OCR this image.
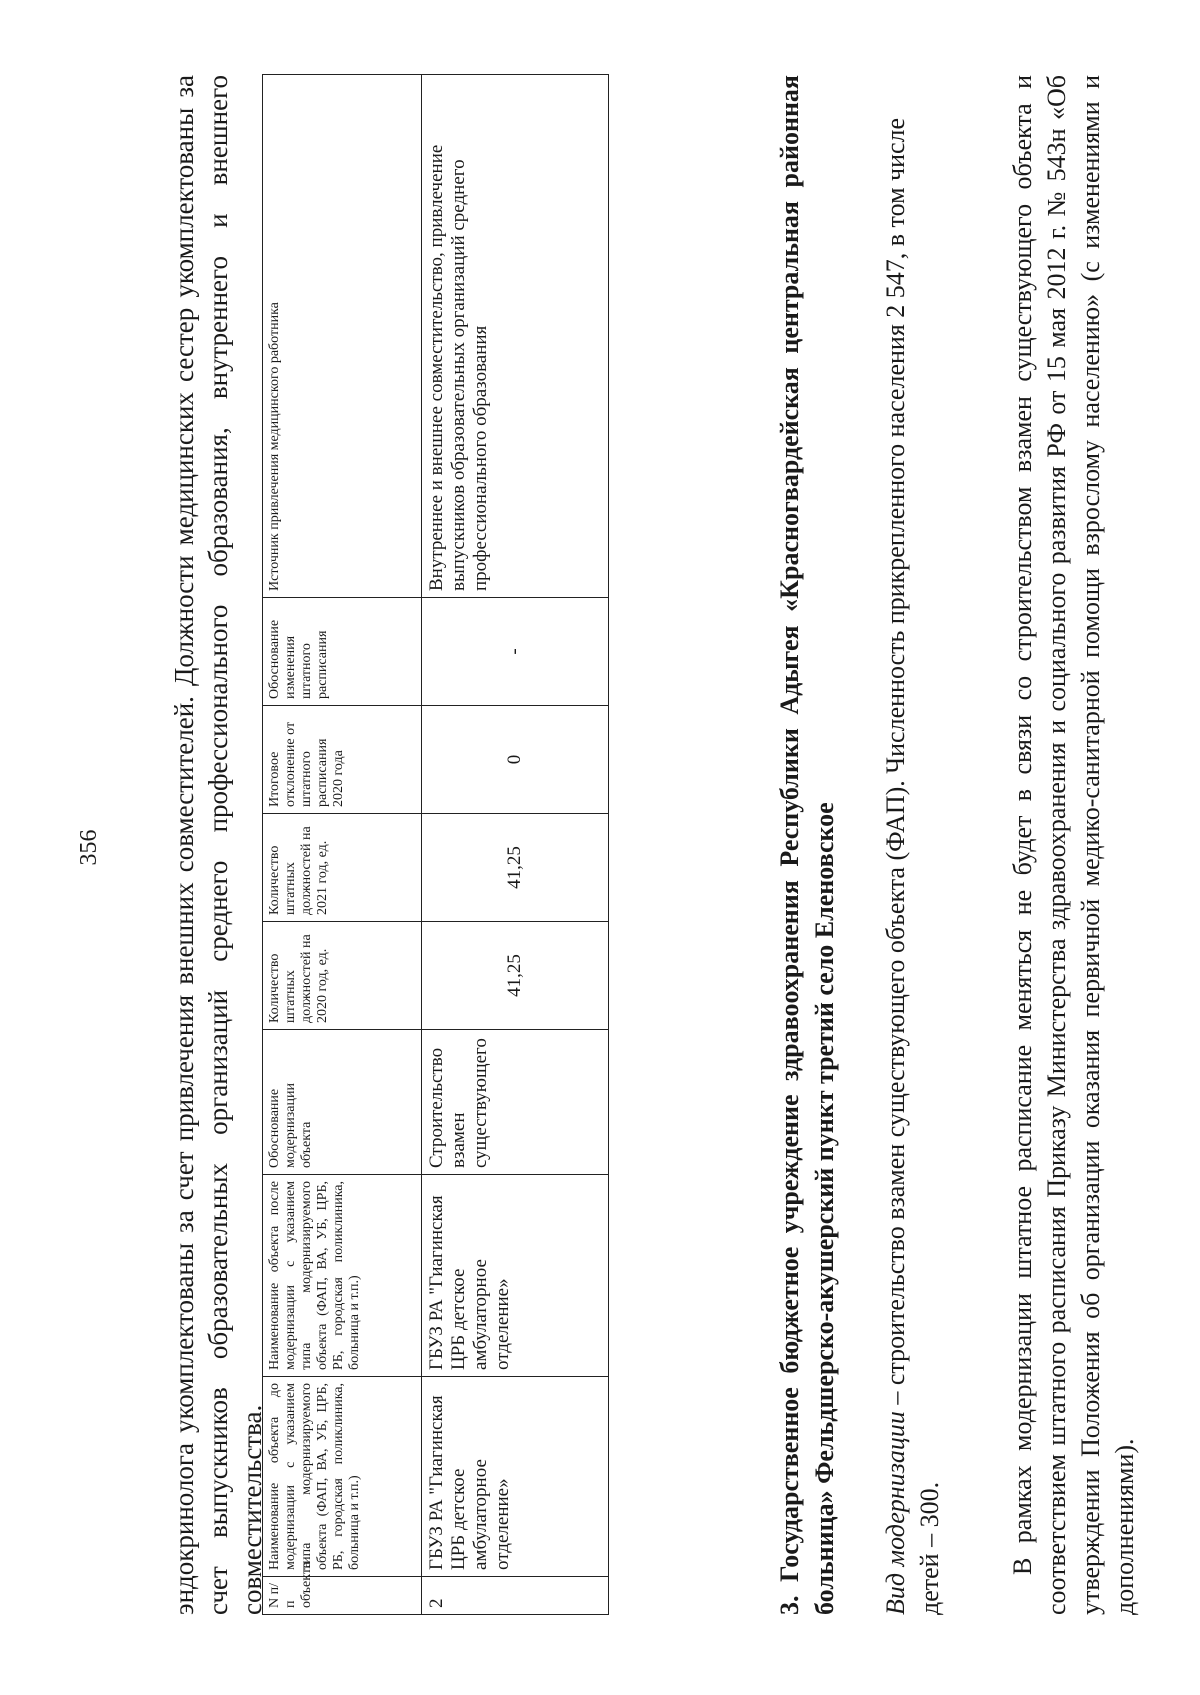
356 эндокринолога укомплектованы за счет привлечения внешних совместителей. Должности медицинских сестер укомплектованы за счет выпускников образовательных организаций среднего профессионального образования, внутреннего и внешнего совместительства. N п/п объекта	Наименование объекта до модернизации с указанием типа модернизируемого объекта (ФАП, ВА, УБ, ЦРБ, РБ, городская поликлиника, больница и т.п.)	Наименование объекта после модернизации с указанием типа модернизируемого объекта (ФАП, ВА, УБ, ЦРБ, РБ, городская поликлиника, больница и т.п.)	Обоснование модернизации объекта	Количество штатных должностей на 2020 год, ед.	Количество штатных должностей на 2021 год, ед.	Итоговое отклонение от штатного расписания 2020 года	Обоснование изменения штатного расписания	Источник привлечения медицинского работника
2	ГБУЗ РА "Гиагинская ЦРБ детское амбулаторное отделение»	ГБУЗ РА "Гиагинская ЦРБ детское амбулаторное отделение»	Строительство взамен существующего	41,25	41,25	0	-	Внутреннее и внешнее совместительство, привлечение выпускников образовательных организаций среднего профессионального образования	3. Государственное бюджетное учреждение здравоохранения Республики Адыгея «Красногвардейская центральная районная больница» Фельдшерско-акушерский пункт третий село Еленовское Вид модернизации – строительство взамен существующего объекта (ФАП). Численность прикрепленного населения 2 547, в том числе детей – 300. В рамках модернизации штатное расписание меняться не будет в связи со строительством взамен существующего объекта и соответствием штатного расписания Приказу Министерства здравоохранения и социального развития РФ от 15 мая 2012 г. № 543н «Об утверждении Положения об организации оказания первичной медико-санитарной помощи взрослому населению» (с изменениями и дополнениями).
